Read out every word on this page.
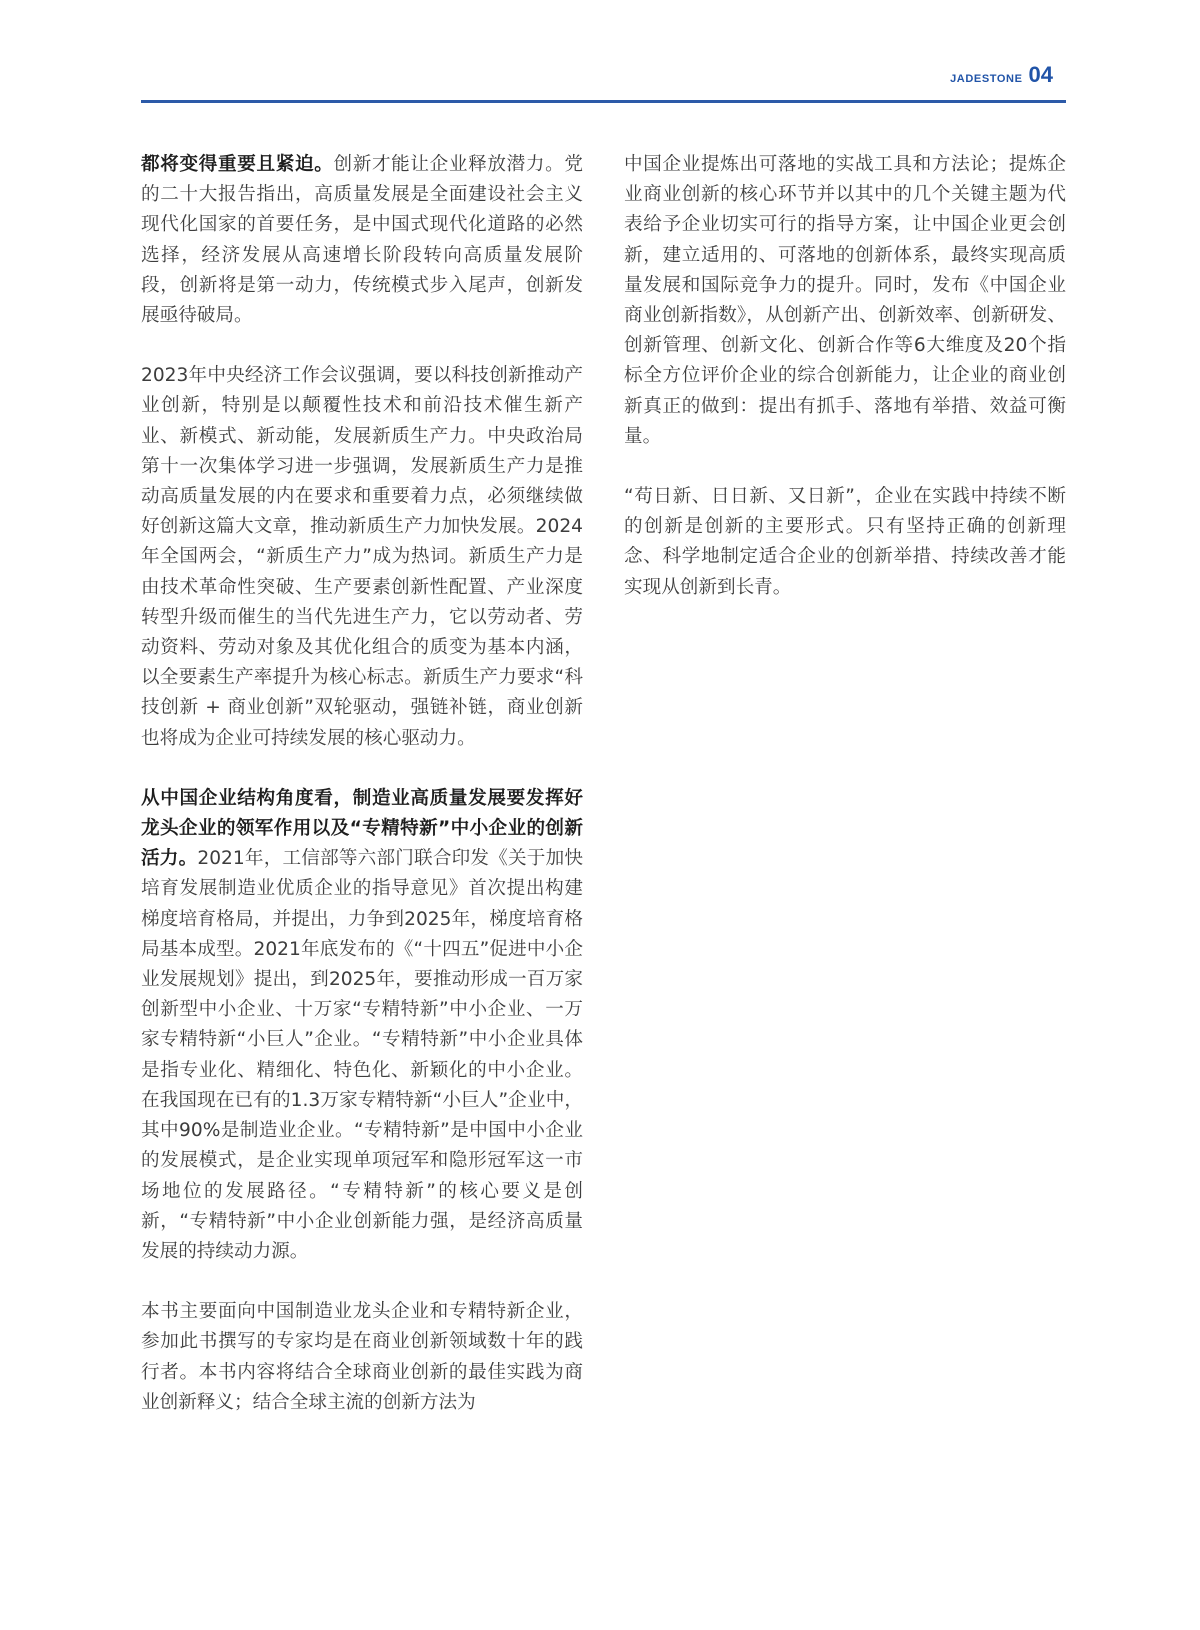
JADESTONE 04

都将变得重要且紧迫。创新才能让企业释放潜力。党的二十大报告指出，高质量发展是全面建设社会主义现代化国家的首要任务，是中国式现代化道路的必然选择，经济发展从高速增长阶段转向高质量发展阶段，创新将是第一动力，传统模式步入尾声，创新发展亟待破局。

2023年中央经济工作会议强调，要以科技创新推动产业创新，特别是以颠覆性技术和前沿技术催生新产业、新模式、新动能，发展新质生产力。中央政治局第十一次集体学习进一步强调，发展新质生产力是推动高质量发展的内在要求和重要着力点，必须继续做好创新这篇大文章，推动新质生产力加快发展。2024年全国两会，“新质生产力”成为热词。新质生产力是由技术革命性突破、生产要素创新性配置、产业深度转型升级而催生的当代先进生产力，它以劳动者、劳动资料、劳动对象及其优化组合的质变为基本内涵，以全要素生产率提升为核心标志。新质生产力要求“科技创新 + 商业创新”双轮驱动，强链补链，商业创新也将成为企业可持续发展的核心驱动力。

从中国企业结构角度看，制造业高质量发展要发挥好龙头企业的领军作用以及“专精特新”中小企业的创新活力。2021年，工信部等六部门联合印发《关于加快培育发展制造业优质企业的指导意见》首次提出构建梯度培育格局，并提出，力争到2025年，梯度培育格局基本成型。2021年底发布的《“十四五”促进中小企业发展规划》提出，到2025年，要推动形成一百万家创新型中小企业、十万家“专精特新”中小企业、一万家专精特新“小巨人”企业。“专精特新”中小企业具体是指专业化、精细化、特色化、新颖化的中小企业。在我国现在已有的1.3万家专精特新“小巨人”企业中，其中90%是制造业企业。“专精特新”是中国中小企业的发展模式，是企业实现单项冠军和隐形冠军这一市场地位的发展路径。“专精特新”的核心要义是创新，“专精特新”中小企业创新能力强，是经济高质量发展的持续动力源。

本书主要面向中国制造业龙头企业和专精特新企业，参加此书撰写的专家均是在商业创新领域数十年的践行者。本书内容将结合全球商业创新的最佳实践为商业创新释义；结合全球主流的创新方法为

中国企业提炼出可落地的实战工具和方法论；提炼企业商业创新的核心环节并以其中的几个关键主题为代表给予企业切实可行的指导方案，让中国企业更会创新，建立适用的、可落地的创新体系，最终实现高质量发展和国际竞争力的提升。同时，发布《中国企业商业创新指数》，从创新产出、创新效率、创新研发、创新管理、创新文化、创新合作等6大维度及20个指标全方位评价企业的综合创新能力，让企业的商业创新真正的做到：提出有抓手、落地有举措、效益可衡量。

“苟日新、日日新、又日新”，企业在实践中持续不断的创新是创新的主要形式。只有坚持正确的创新理念、科学地制定适合企业的创新举措、持续改善才能实现从创新到长青。
